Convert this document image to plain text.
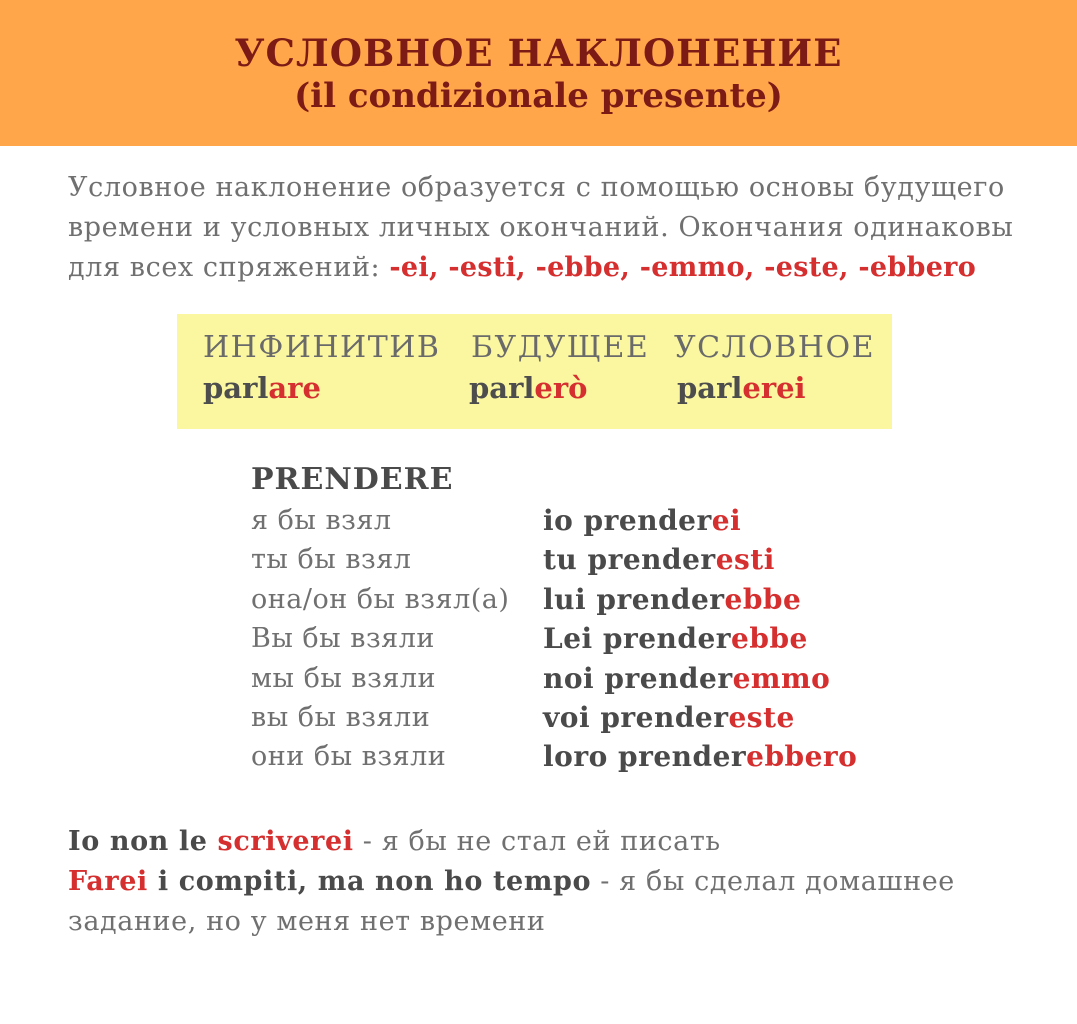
УСЛОВНОЕ НАКЛОНЕНИЕ
(il condizionale presente)
Условное наклонение образуется с помощью основы будущего времени и условных личных окончаний. Окончания одинаковы для всех спряжений: -ei, -esti, -ebbe, -emmo, -este, -ebbero
ИНФИНИТИВ БУДУЩЕЕ УСЛОВНОЕ
parlare	parlerò	parlerei
PRENDERE
я бы взял	io prenderei
ты бы взял	tu prenderesti
она/он бы взял(а) lui prenderebbe
Вы бы взяли	Lei prenderebbe
мы бы взяли	noi prenderemmo
вы бы взяли	voi prendereste
они бы взяли	loro prenderebbero
Io non le scriverei - я бы не стал ей писать
Farei i compiti, ma non ho tempo - я бы сделал домашнее задание, но у меня нет времени
